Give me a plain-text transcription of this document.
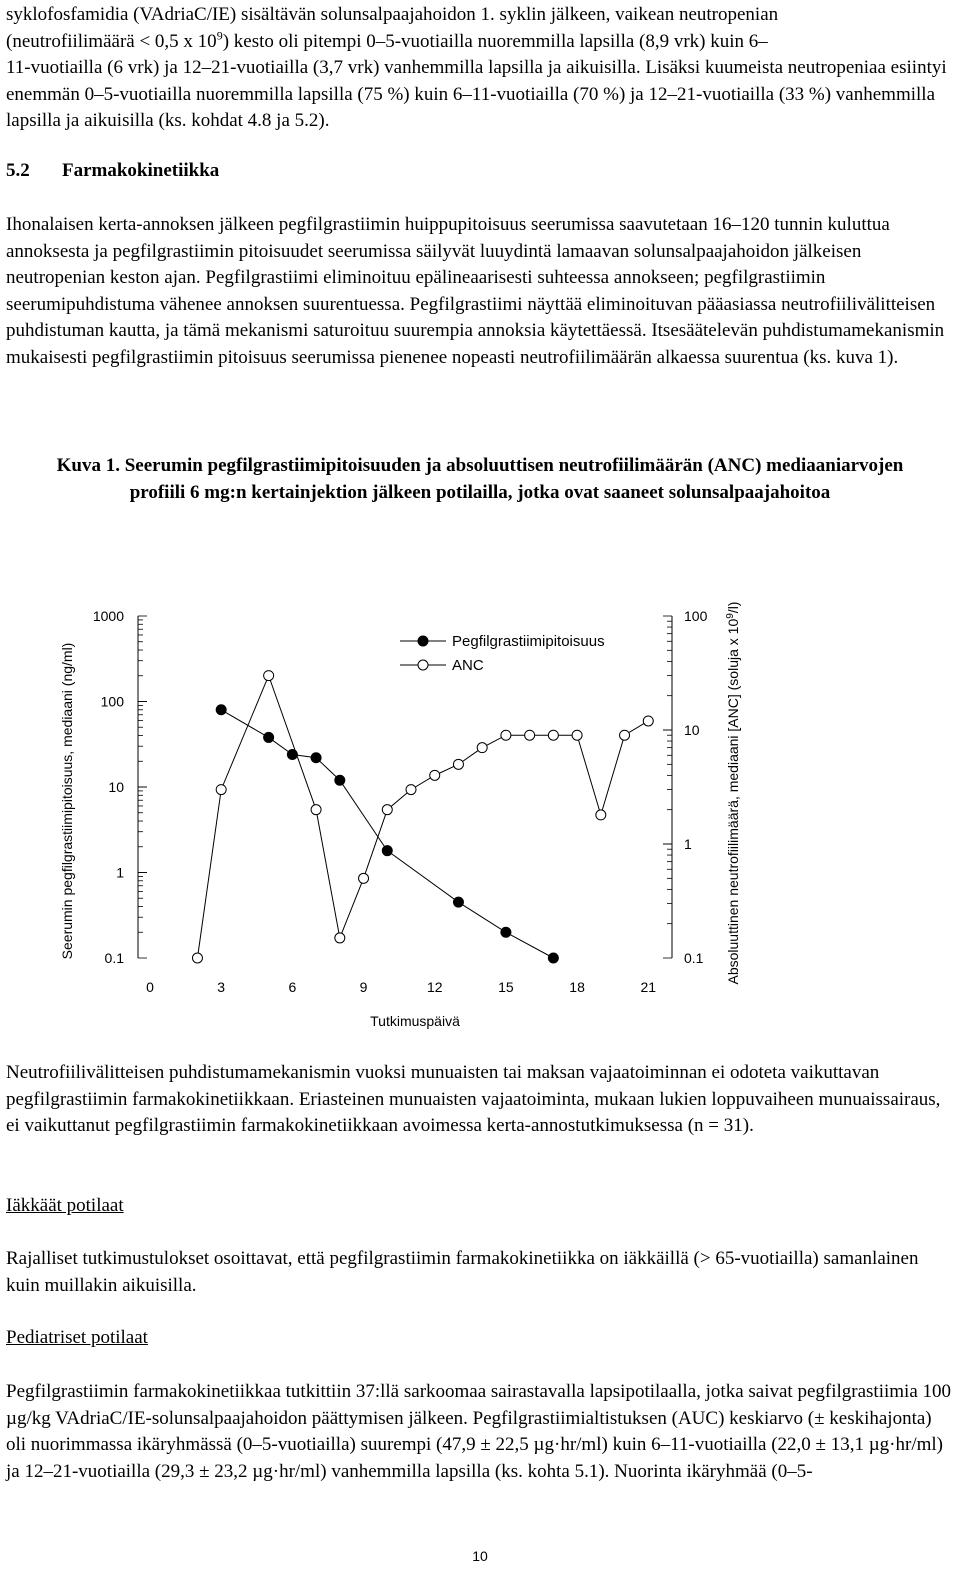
syklofosfamidia (VAdriaC/IE) sisältävän solunsalpaajahoidon 1. syklin jälkeen, vaikean neutropenian
(neutrofiilimäärä < 0,5 x $10^9$) kesto oli pitempi 0–5-vuotiailla nuoremmilla lapsilla (8,9 vrk) kuin 6–
11-vuotiailla (6 vrk) ja 12–21-vuotiailla (3,7 vrk) vanhemmilla lapsilla ja aikuisilla. Lisäksi kuumeista neutropeniaa esiintyi enemmän 0–5-vuotiailla nuoremmilla lapsilla (75 %) kuin 6–11-vuotiailla (70 %) ja 12–21-vuotiailla (33 %) vanhemmilla lapsilla ja aikuisilla (ks. kohdat 4.8 ja 5.2).

5.2 Farmakokinetiikka

Ihonalaisen kerta-annoksen jälkeen pegfilgrastiimin huippupitoisuus seerumissa saavutetaan 16–120 tunnin kuluttua annoksesta ja pegfilgrastiimin pitoisuudet seerumissa säilyvät luuydintä lamaavan solunsalpaajahoidon jälkeisen neutropenian keston ajan. Pegfilgrastiimi eliminoituu epälineaarisesti suhteessa annokseen; pegfilgrastiimin seerumipuhdistuma vähenee annoksen suurentuessa. Pegfilgrastiimi näyttää eliminoituvan pääasiassa neutrofiilivälitteisen puhdistuman kautta, ja tämä mekanismi saturoituu suurempia annoksia käytettäessä. Itsesäätelevän puhdistumamekanismin mukaisesti pegfilgrastiimin pitoisuus seerumissa pienenee nopeasti neutrofiilimäärän alkaessa suurentua (ks. kuva 1).

Kuva 1. Seerumin pegfilgrastiimipitoisuuden ja absoluuttisen neutrofiilimäärän (ANC) mediaaniarvojen profiili 6 mg:n kertainjektion jälkeen potilailla, jotka ovat saaneet solunsalpaajahoitoa
0.1
1
10
100
1000
0.1
1
10
100
0	3	6	9	12	15	18	21
Tutkimuspäivä
Seerumin pegfilgrastiimipitoisuus, mediaani (ng/ml)	Absoluuttinen neutrofiilimäärä, mediaani [ANC] (soluja x $10^9/l$)
Pegfilgrastiimipitoisuus
ANC

Neutrofiilivälitteisen puhdistumamekanismin vuoksi munuaisten tai maksan vajaatoiminnan ei odoteta vaikuttavan pegfilgrastiimin farmakokinetiikkaan. Eriasteinen munuaisten vajaatoiminta, mukaan lukien loppuvaiheen munuaissairaus, ei vaikuttanut pegfilgrastiimin farmakokinetiikkaan avoimessa kerta-annostutkimuksessa (n = 31).

Iäkkäät potilaat

Rajalliset tutkimustulokset osoittavat, että pegfilgrastiimin farmakokinetiikka on iäkkäillä (> 65-vuotiailla) samanlainen kuin muillakin aikuisilla.

Pediatriset potilaat

Pegfilgrastiimin farmakokinetiikkaa tutkittiin 37:llä sarkoomaa sairastavalla lapsipotilaalla, jotka saivat pegfilgrastiimia 100 µg/kg VAdriaC/IE-solunsalpaajahoidon päättymisen jälkeen. Pegfilgrastiimialtistuksen (AUC) keskiarvo (± keskihajonta) oli nuorimmassa ikäryhmässä (0–5-vuotiailla) suurempi (47,9 ± 22,5 µg·hr/ml) kuin 6–11-vuotiailla (22,0 ± 13,1 µg·hr/ml) ja 12–21-vuotiailla (29,3 ± 23,2 µg·hr/ml) vanhemmilla lapsilla (ks. kohta 5.1). Nuorinta ikäryhmää (0–5-

10
